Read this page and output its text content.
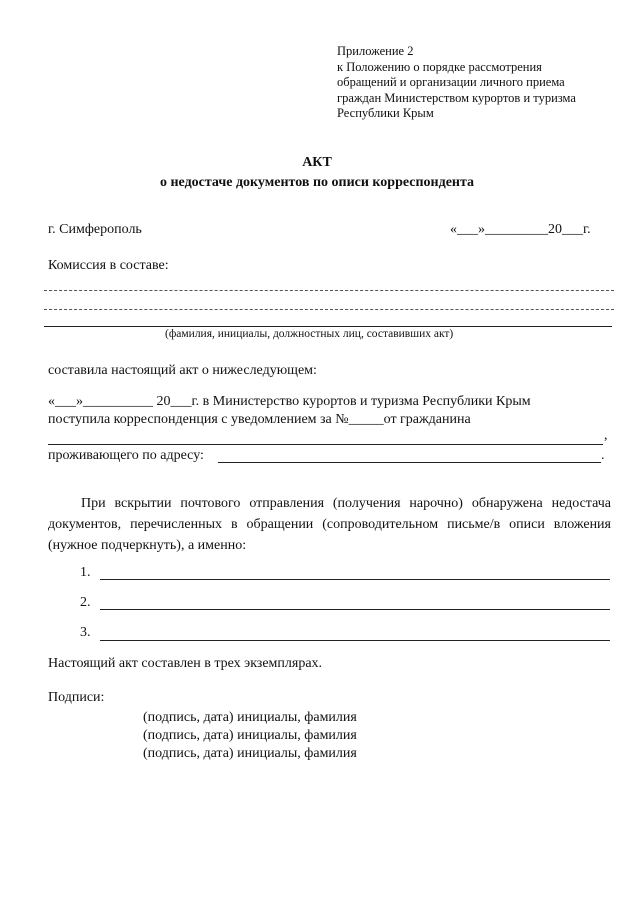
Приложение 2
к Положению о порядке рассмотрения
обращений и организации личного приема
граждан Министерством курортов и туризма
Республики Крым
АКТ
о недостаче документов по описи корреспондента
г. Симферополь	«___»_________20___г.
Комиссия в составе:
(фамилия, инициалы, должностных лиц, составивших акт)
составила настоящий акт о нижеследующем:
«___»__________ 20___г. в Министерство курортов и туризма Республики Крым
поступила корреспонденция с уведомлением за №_____от гражданина
,
проживающего по адресу:	.
При вскрытии почтового отправления (получения нарочно) обнаружена недостача документов, перечисленных в обращении (сопроводительном письме/в описи вложения (нужное подчеркнуть), а именно:
1.
2.
3.
Настоящий акт составлен в трех экземплярах.
Подписи:
(подпись, дата) инициалы, фамилия
(подпись, дата) инициалы, фамилия
(подпись, дата) инициалы, фамилия
